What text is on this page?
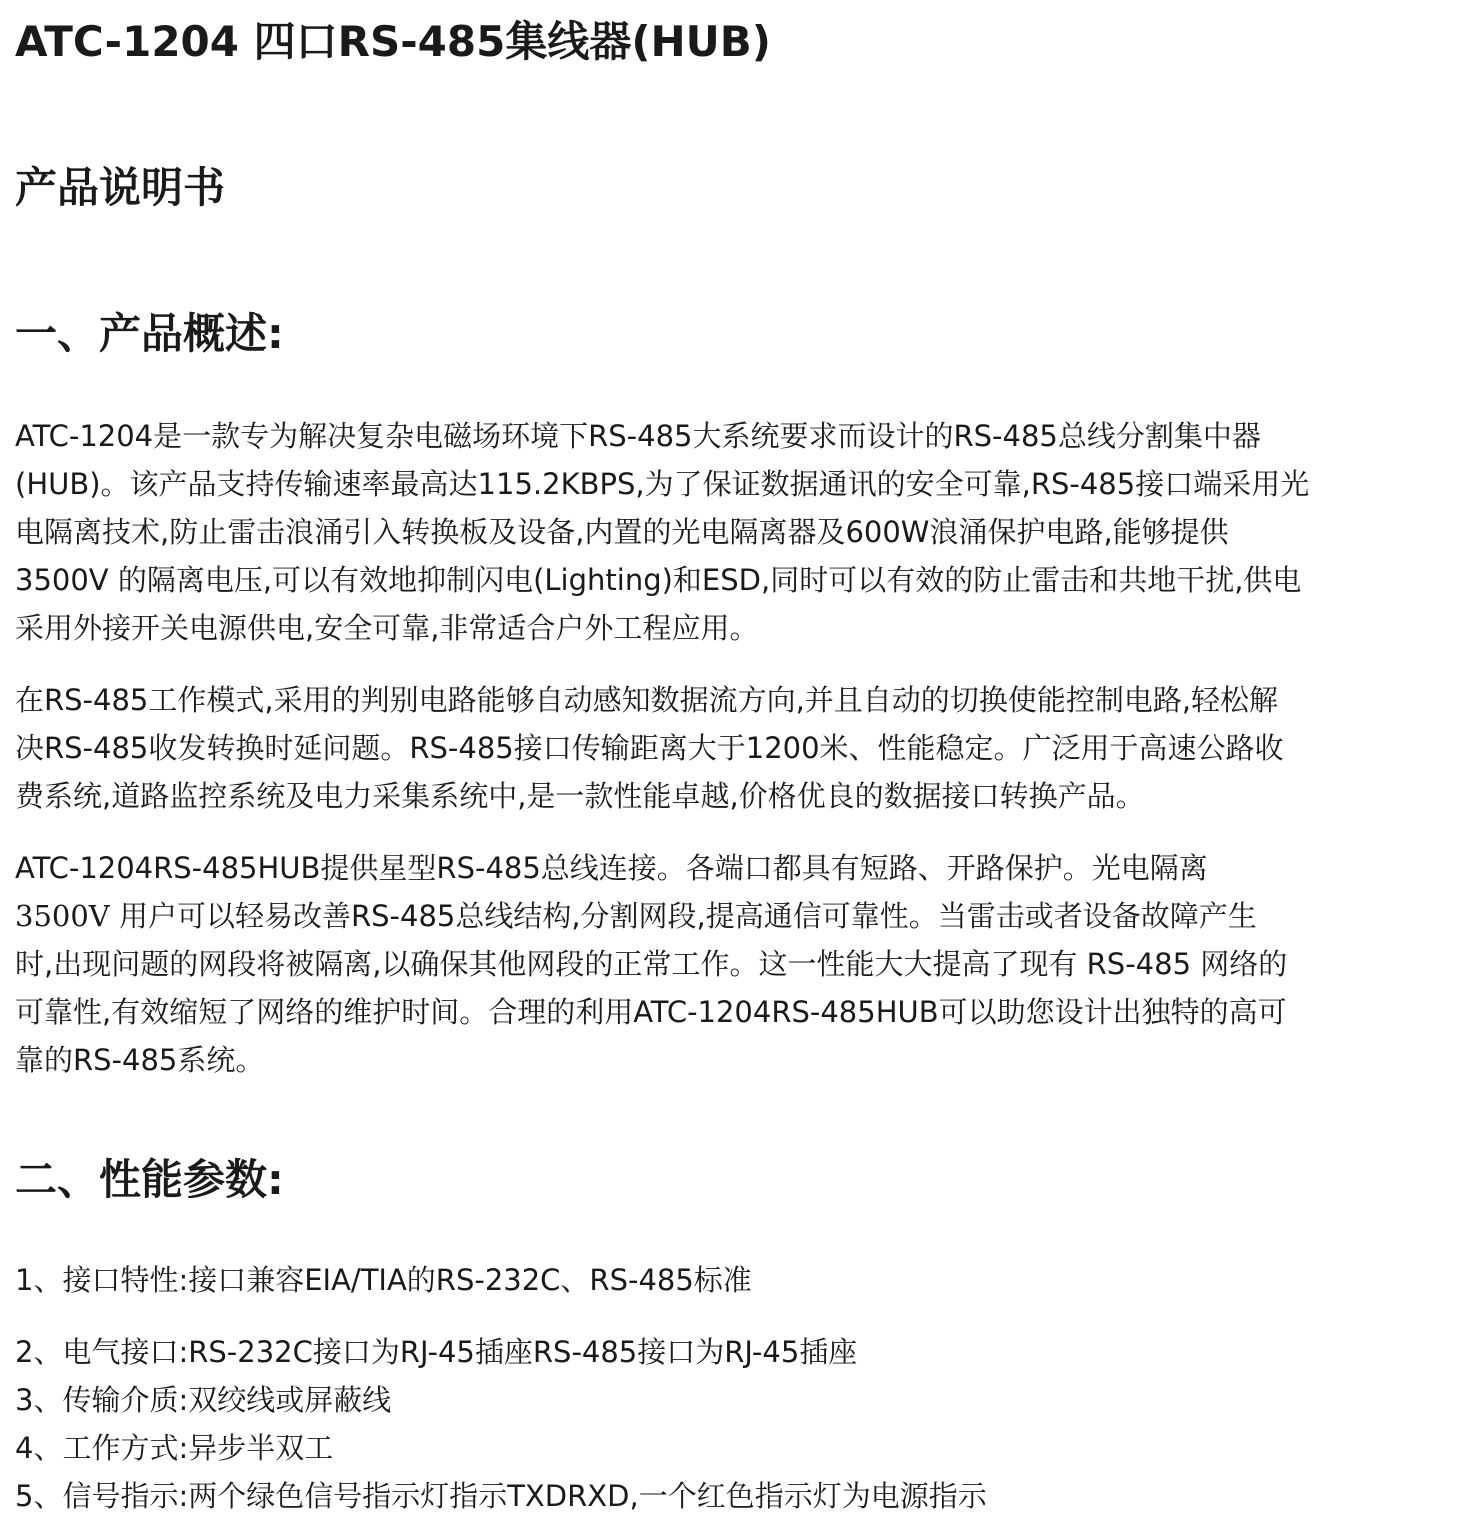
ATC-1204 四口RS-485集线器(HUB)
产品说明书
一、产品概述:
ATC-1204是一款专为解决复杂电磁场环境下RS-485大系统要求而设计的RS-485总线分割集中器
(HUB)。该产品支持传输速率最高达115.2KBPS,为了保证数据通讯的安全可靠,RS-485接口端采用光
电隔离技术,防止雷击浪涌引入转换板及设备,内置的光电隔离器及600W浪涌保护电路,能够提供
3500V 的隔离电压,可以有效地抑制闪电(Lighting)和ESD,同时可以有效的防止雷击和共地干扰,供电
采用外接开关电源供电,安全可靠,非常适合户外工程应用。
在RS-485工作模式,采用的判别电路能够自动感知数据流方向,并且自动的切换使能控制电路,轻松解
决RS-485收发转换时延问题。RS-485接口传输距离大于1200米、性能稳定。广泛用于高速公路收
费系统,道路监控系统及电力采集系统中,是一款性能卓越,价格优良的数据接口转换产品。
ATC-1204RS-485HUB提供星型RS-485总线连接。各端口都具有短路、开路保护。光电隔离
3500V 用户可以轻易改善RS-485总线结构,分割网段,提高通信可靠性。当雷击或者设备故障产生
时,出现问题的网段将被隔离,以确保其他网段的正常工作。这一性能大大提高了现有 RS-485 网络的
可靠性,有效缩短了网络的维护时间。合理的利用ATC-1204RS-485HUB可以助您设计出独特的高可
靠的RS-485系统。
二、性能参数:
1、接口特性:接口兼容EIA/TIA的RS-232C、RS-485标准
2、电气接口:RS-232C接口为RJ-45插座RS-485接口为RJ-45插座
3、传输介质:双绞线或屏蔽线
4、工作方式:异步半双工
5、信号指示:两个绿色信号指示灯指示TXDRXD,一个红色指示灯为电源指示
